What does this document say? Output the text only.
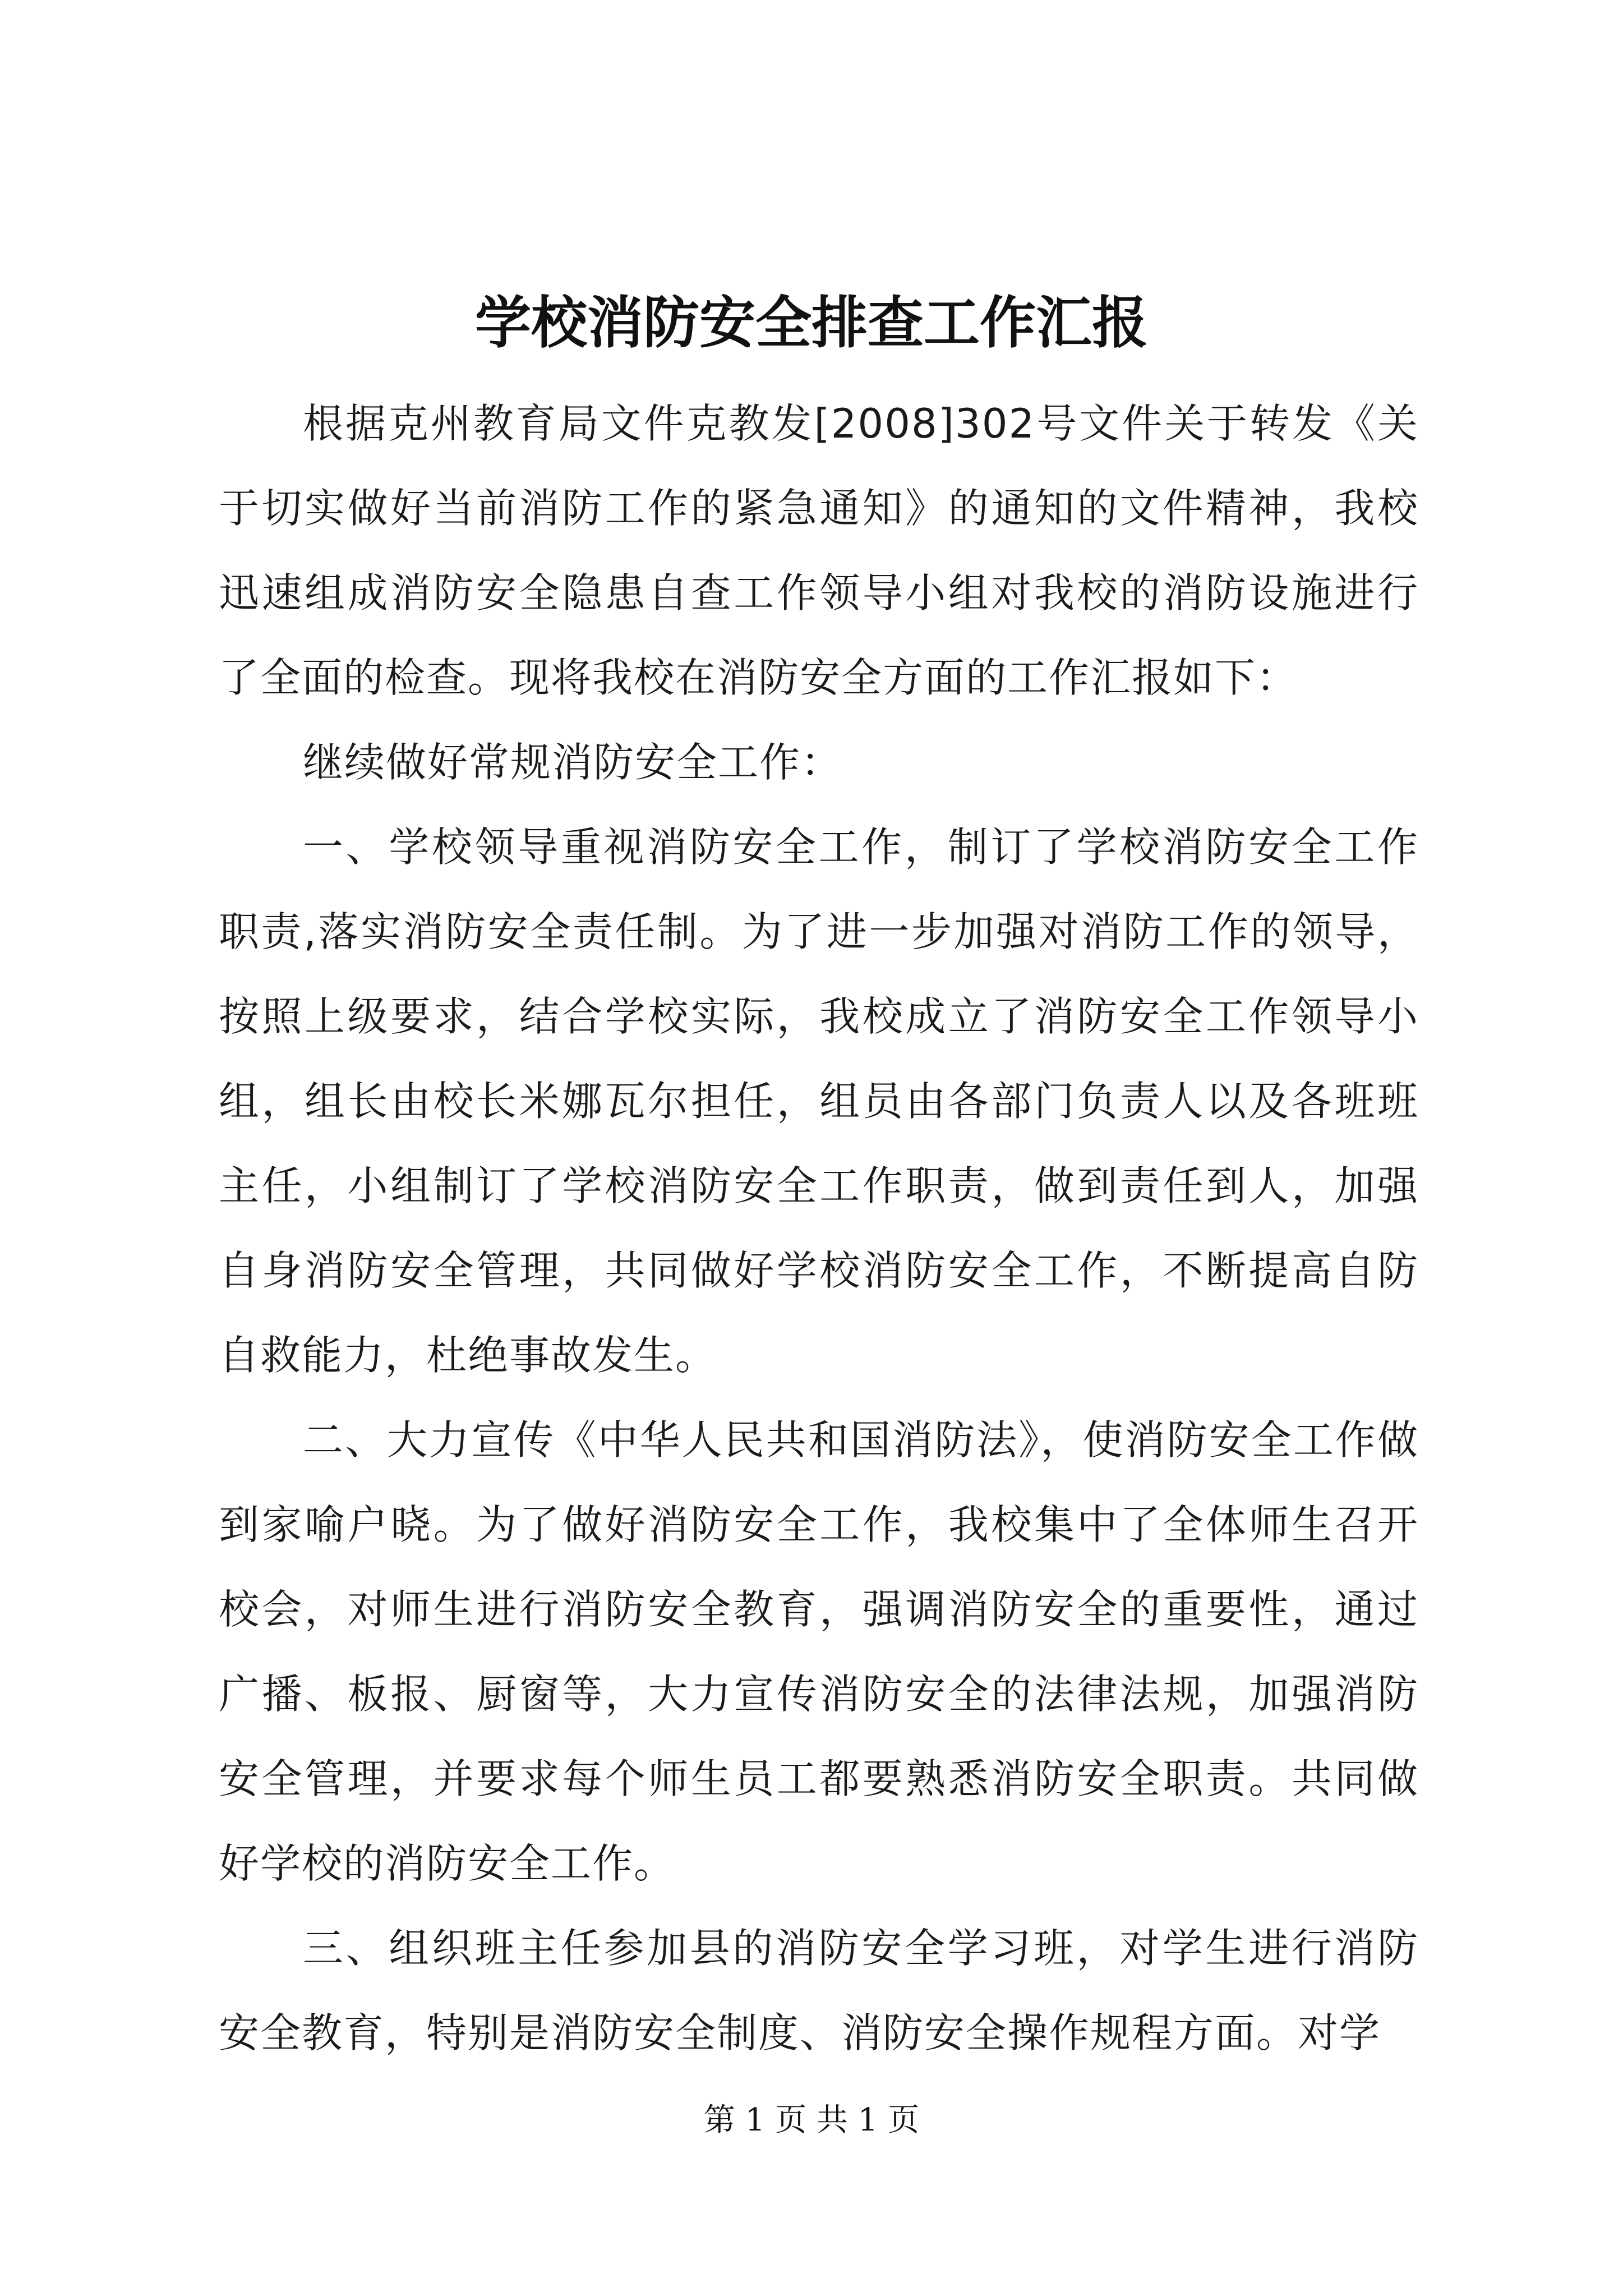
学校消防安全排查工作汇报

根据克州教育局文件克教发[2008]302号文件关于转发《关于切实做好当前消防工作的紧急通知》的通知的文件精神，我校迅速组成消防安全隐患自查工作领导小组对我校的消防设施进行了全面的检查。现将我校在消防安全方面的工作汇报如下：

继续做好常规消防安全工作：

一、学校领导重视消防安全工作，制订了学校消防安全工作职责,落实消防安全责任制。为了进一步加强对消防工作的领导，按照上级要求，结合学校实际，我校成立了消防安全工作领导小组，组长由校长米娜瓦尔担任，组员由各部门负责人以及各班班主任，小组制订了学校消防安全工作职责，做到责任到人，加强自身消防安全管理，共同做好学校消防安全工作，不断提高自防自救能力，杜绝事故发生。

二、大力宣传《中华人民共和国消防法》，使消防安全工作做到家喻户晓。为了做好消防安全工作，我校集中了全体师生召开校会，对师生进行消防安全教育，强调消防安全的重要性，通过广播、板报、厨窗等，大力宣传消防安全的法律法规，加强消防安全管理，并要求每个师生员工都要熟悉消防安全职责。共同做好学校的消防安全工作。

三、组织班主任参加县的消防安全学习班，对学生进行消防安全教育，特别是消防安全制度、消防安全操作规程方面。对学

第 1 页 共 1 页
